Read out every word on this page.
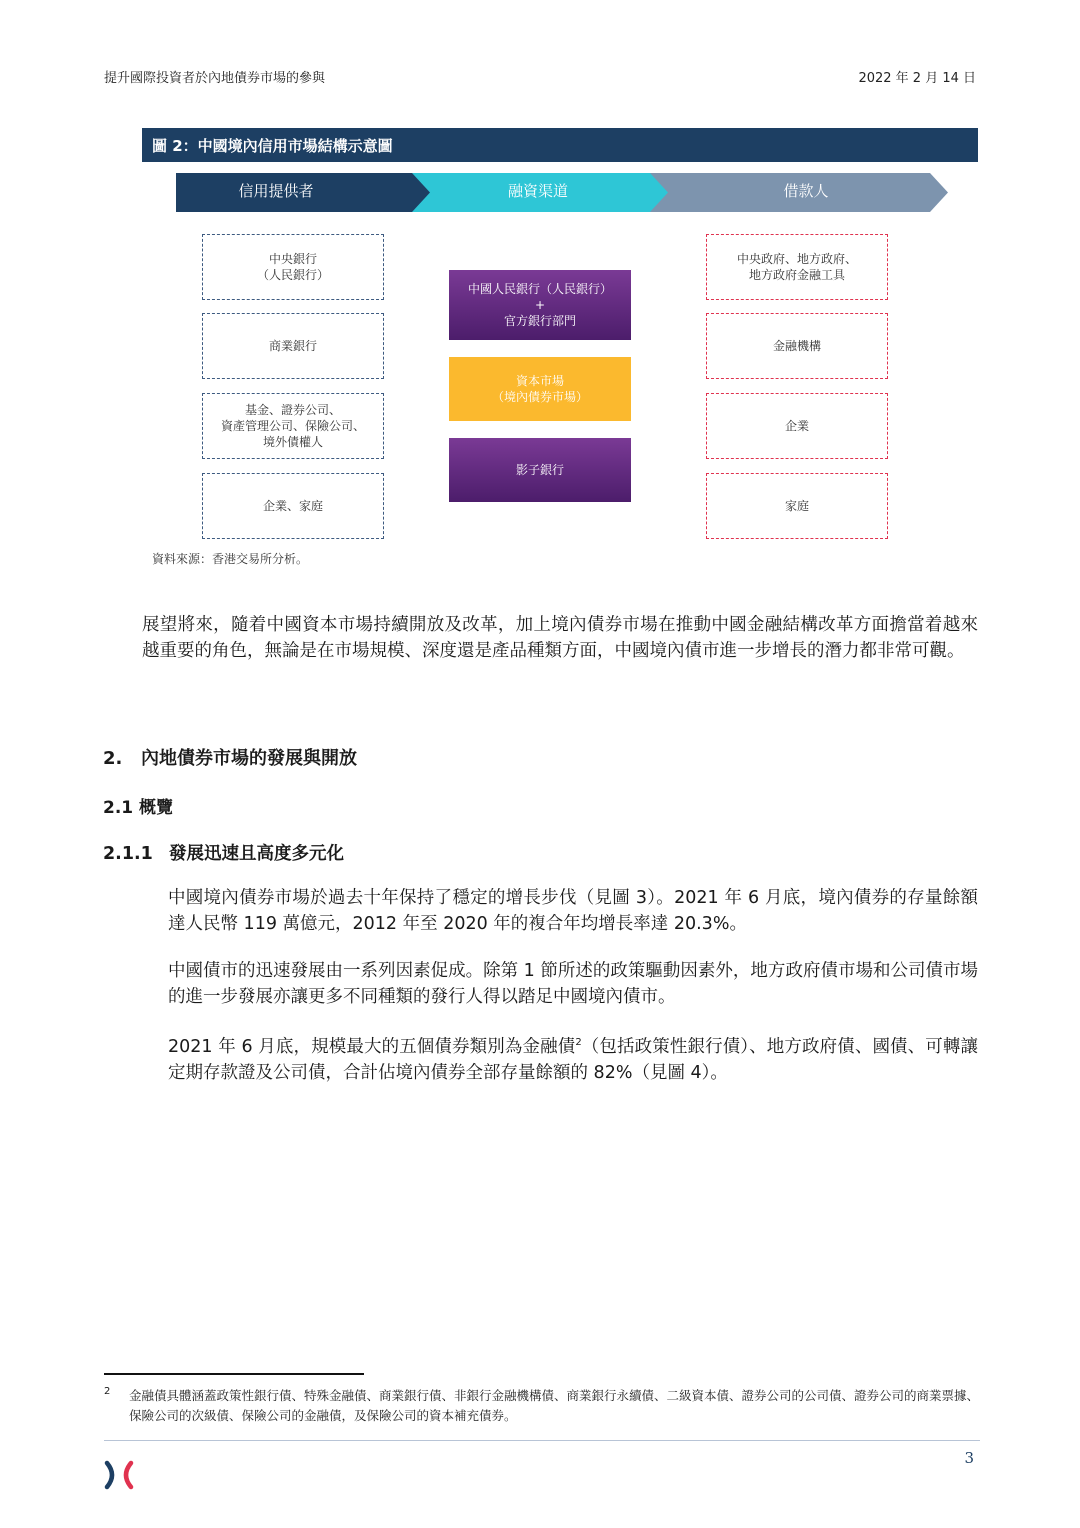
提升國際投資者於內地債券市場的參與	2022 年 2 月 14 日
圖 2：中國境內信用市場結構示意圖
信用提供者	融資渠道	借款人
中央銀行
（人民銀行）
商業銀行
基金、證券公司、
資產管理公司、保險公司、
境外債權人
企業、家庭
中國人民銀行（人民銀行）
+
官方銀行部門
資本市場
（境內債券市場）
影子銀行
中央政府、地方政府、
地方政府金融工具
金融機構
企業
家庭
資料來源：香港交易所分析。
展望將來，隨着中國資本市場持續開放及改革，加上境內債券市場在推動中國金融結構改革方面擔當着越來越重要的角色，無論是在市場規模、深度還是產品種類方面，中國境內債市進一步增長的潛力都非常可觀。
2. 內地債券市場的發展與開放
2.1 概覽
2.1.1 發展迅速且高度多元化
中國境內債券市場於過去十年保持了穩定的增長步伐（見圖 3）。2021 年 6 月底，境內債券的存量餘額達人民幣 119 萬億元，2012 年至 2020 年的複合年均增長率達 20.3%。
中國債市的迅速發展由一系列因素促成。除第 1 節所述的政策驅動因素外，地方政府債市場和公司債市場的進一步發展亦讓更多不同種類的發行人得以踏足中國境內債市。
2021 年 6 月底，規模最大的五個債券類別為金融債$^2$（包括政策性銀行債）、地方政府債、國債、可轉讓定期存款證及公司債，合計佔境內債券全部存量餘額的 82%（見圖 4）。
2 金融債具體涵蓋政策性銀行債、特殊金融債、商業銀行債、非銀行金融機構債、商業銀行永續債、二級資本債、證券公司的公司債、證券公司的商業票據、保險公司的次級債、保險公司的金融債，及保險公司的資本補充債券。
3
